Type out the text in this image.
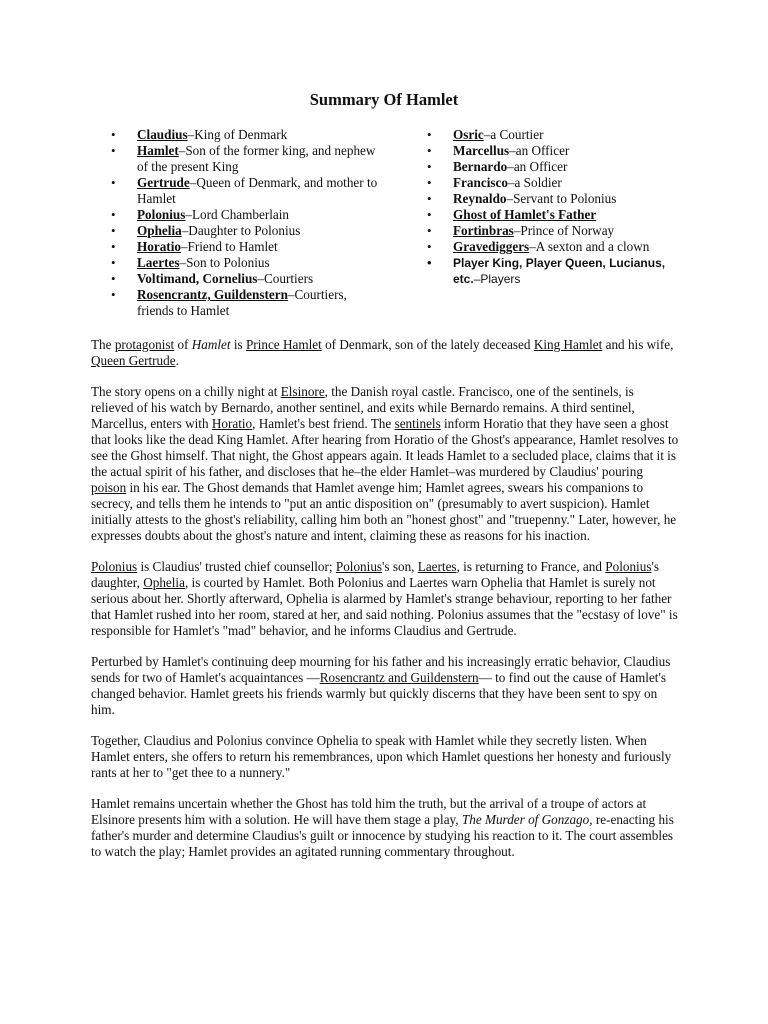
Summary Of Hamlet
• Claudius–King of Denmark
• Hamlet–Son of the former king, and nephew of the present King
• Gertrude–Queen of Denmark, and mother to Hamlet
• Polonius–Lord Chamberlain
• Ophelia–Daughter to Polonius
• Horatio–Friend to Hamlet
• Laertes–Son to Polonius
• Voltimand, Cornelius–Courtiers
• Rosencrantz, Guildenstern–Courtiers, friends to Hamlet
• Osric–a Courtier
• Marcellus–an Officer
• Bernardo–an Officer
• Francisco–a Soldier
• Reynaldo–Servant to Polonius
• Ghost of Hamlet's Father
• Fortinbras–Prince of Norway
• Gravediggers–A sexton and a clown
• Player King, Player Queen, Lucianus, etc.–Players

The protagonist of Hamlet is Prince Hamlet of Denmark, son of the lately deceased King Hamlet and his wife, Queen Gertrude.

The story opens on a chilly night at Elsinore, the Danish royal castle. Francisco, one of the sentinels, is relieved of his watch by Bernardo, another sentinel, and exits while Bernardo remains. A third sentinel, Marcellus, enters with Horatio, Hamlet's best friend. The sentinels inform Horatio that they have seen a ghost that looks like the dead King Hamlet. After hearing from Horatio of the Ghost's appearance, Hamlet resolves to see the Ghost himself. That night, the Ghost appears again. It leads Hamlet to a secluded place, claims that it is the actual spirit of his father, and discloses that he–the elder Hamlet–was murdered by Claudius' pouring poison in his ear. The Ghost demands that Hamlet avenge him; Hamlet agrees, swears his companions to secrecy, and tells them he intends to "put an antic disposition on" (presumably to avert suspicion). Hamlet initially attests to the ghost's reliability, calling him both an "honest ghost" and "truepenny." Later, however, he expresses doubts about the ghost's nature and intent, claiming these as reasons for his inaction.

Polonius is Claudius' trusted chief counsellor; Polonius's son, Laertes, is returning to France, and Polonius's daughter, Ophelia, is courted by Hamlet. Both Polonius and Laertes warn Ophelia that Hamlet is surely not serious about her. Shortly afterward, Ophelia is alarmed by Hamlet's strange behaviour, reporting to her father that Hamlet rushed into her room, stared at her, and said nothing. Polonius assumes that the "ecstasy of love" is responsible for Hamlet's "mad" behavior, and he informs Claudius and Gertrude.

Perturbed by Hamlet's continuing deep mourning for his father and his increasingly erratic behavior, Claudius sends for two of Hamlet's acquaintances —Rosencrantz and Guildenstern— to find out the cause of Hamlet's changed behavior. Hamlet greets his friends warmly but quickly discerns that they have been sent to spy on him.

Together, Claudius and Polonius convince Ophelia to speak with Hamlet while they secretly listen. When Hamlet enters, she offers to return his remembrances, upon which Hamlet questions her honesty and furiously rants at her to "get thee to a nunnery."

Hamlet remains uncertain whether the Ghost has told him the truth, but the arrival of a troupe of actors at Elsinore presents him with a solution. He will have them stage a play, The Murder of Gonzago, re-enacting his father's murder and determine Claudius's guilt or innocence by studying his reaction to it. The court assembles to watch the play; Hamlet provides an agitated running commentary throughout.
